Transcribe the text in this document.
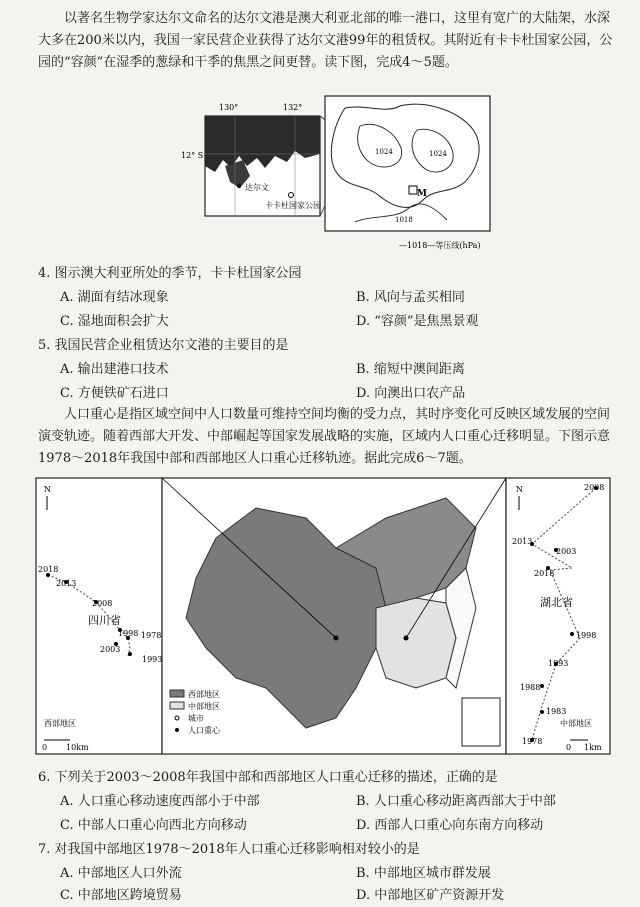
以著名生物学家达尔文命名的达尔文港是澳大利亚北部的唯一港口，这里有宽广的大陆架，水深大多在200米以内，我国一家民营企业获得了达尔文港99年的租赁权。其附近有卡卡杜国家公园，公园的“容颜”在湿季的葱绿和干季的焦黑之间更替。读下图，完成4～5题。
130°	132°
12° S
达尔文
卡卡杜国家公园
1024	1024
1018
M
—1018—等压线(hPa)
4. 图示澳大利亚所处的季节，卡卡杜国家公园
A. 湖面有结冰现象	B. 风向与孟买相同
C. 湿地面积会扩大	D. “容颜”是焦黑景观
5. 我国民营企业租赁达尔文港的主要目的是
A. 输出建港口技术	B. 缩短中澳间距离
C. 方便铁矿石进口	D. 向澳出口农产品
人口重心是指区域空间中人口数量可维持空间均衡的受力点，其时序变化可反映区域发展的空间演变轨迹。随着西部大开发、中部崛起等国家发展战略的实施，区域内人口重心迁移明显。下图示意1978～2018年我国中部和西部地区人口重心迁移轨迹。据此完成6～7题。
N
2018
2013
2008
1998 1978
2003
1993
四川省
西部地区
0 10km
西部地区
中部地区
城市
人口重心
N	2008
2013
2003
2018
1998
1993
1988
1983
1978
湖北省
中部地区
0 1km
6. 下列关于2003～2008年我国中部和西部地区人口重心迁移的描述，正确的是
A. 人口重心移动速度西部小于中部	B. 人口重心移动距离西部大于中部
C. 中部人口重心向西北方向移动	D. 西部人口重心向东南方向移动
7. 对我国中部地区1978～2018年人口重心迁移影响相对较小的是
A. 中部地区人口外流	B. 中部地区城市群发展
C. 中部地区跨境贸易	D. 中部地区矿产资源开发
